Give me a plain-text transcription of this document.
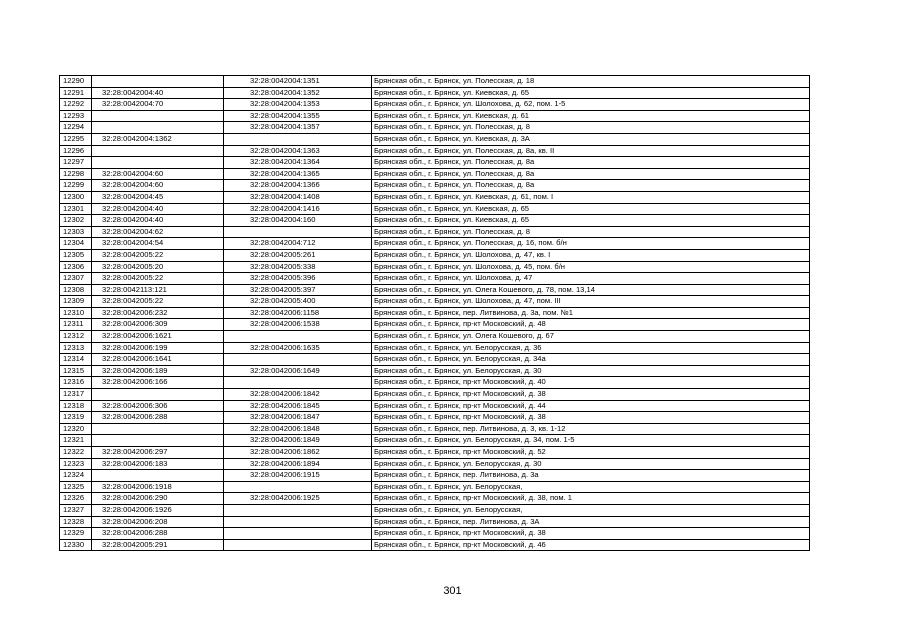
12290		32:28:0042004:1351	Брянская обл., г. Брянск, ул. Полесская, д. 18
12291	32:28:0042004:40	32:28:0042004:1352	Брянская обл., г. Брянск, ул. Киевская, д. 65
12292	32:28:0042004:70	32:28:0042004:1353	Брянская обл., г. Брянск, ул. Шолохова, д. 62, пом. 1-5
12293		32:28:0042004:1355	Брянская обл., г. Брянск, ул. Киевская, д. 61
12294		32:28:0042004:1357	Брянская обл., г. Брянск, ул. Полесская, д. 8
12295	32:28:0042004:1362		Брянская обл., г. Брянск, ул. Киевская, д. 3А
12296		32:28:0042004:1363	Брянская обл., г. Брянск, ул. Полесская, д. 8а, кв. II
12297		32:28:0042004:1364	Брянская обл., г. Брянск, ул. Полесская, д. 8а
12298	32:28:0042004:60	32:28:0042004:1365	Брянская обл., г. Брянск, ул. Полесская, д. 8а
12299	32:28:0042004:60	32:28:0042004:1366	Брянская обл., г. Брянск, ул. Полесская, д. 8а
12300	32:28:0042004:45	32:28:0042004:1408	Брянская обл., г. Брянск, ул. Киевская, д. 61, пом. I
12301	32:28:0042004:40	32:28:0042004:1416	Брянская обл., г. Брянск, ул. Киевская, д. 65
12302	32:28:0042004:40	32:28:0042004:160	Брянская обл., г. Брянск, ул. Киевская, д. 65
12303	32:28:0042004:62		Брянская обл., г. Брянск, ул. Полесская, д. 8
12304	32:28:0042004:54	32:28:0042004:712	Брянская обл., г. Брянск, ул. Полесская, д. 16, пом. б/н
12305	32:28:0042005:22	32:28:0042005:261	Брянская обл., г. Брянск, ул. Шолохова, д. 47, кв. I
12306	32:28:0042005:20	32:28:0042005:338	Брянская обл., г. Брянск, ул. Шолохова, д. 45, пом. б/н
12307	32:28:0042005:22	32:28:0042005:396	Брянская обл., г. Брянск, ул. Шолохова, д. 47
12308	32:28:0042113:121	32:28:0042005:397	Брянская обл., г. Брянск, ул. Олега Кошевого, д. 78, пом. 13,14
12309	32:28:0042005:22	32:28:0042005:400	Брянская обл., г. Брянск, ул. Шолохова, д. 47, пом. III
12310	32:28:0042006:232	32:28:0042006:1158	Брянская обл., г. Брянск, пер. Литвинова, д. 3а, пом. №1
12311	32:28:0042006:309	32:28:0042006:1538	Брянская обл., г. Брянск, пр-кт Московский, д. 48
12312	32:28:0042006:1621		Брянская обл., г. Брянск, ул. Олега Кошевого, д. 67
12313	32:28:0042006:199	32:28:0042006:1635	Брянская обл., г. Брянск, ул. Белорусская, д. 36
12314	32:28:0042006:1641		Брянская обл., г. Брянск, ул. Белорусская, д. 34а
12315	32:28:0042006:189	32:28:0042006:1649	Брянская обл., г. Брянск, ул. Белорусская, д. 30
12316	32:28:0042006:166		Брянская обл., г. Брянск, пр-кт Московский, д. 40
12317		32:28:0042006:1842	Брянская обл., г. Брянск, пр-кт Московский, д. 38
12318	32:28:0042006:306	32:28:0042006:1845	Брянская обл., г. Брянск, пр-кт Московский, д. 44
12319	32:28:0042006:288	32:28:0042006:1847	Брянская обл., г. Брянск, пр-кт Московский, д. 38
12320		32:28:0042006:1848	Брянская обл., г. Брянск, пер. Литвинова, д. 3, кв. 1-12
12321		32:28:0042006:1849	Брянская обл., г. Брянск, ул. Белорусская, д. 34, пом. 1-5
12322	32:28:0042006:297	32:28:0042006:1862	Брянская обл., г. Брянск, пр-кт Московский, д. 52
12323	32:28:0042006:183	32:28:0042006:1894	Брянская обл., г. Брянск, ул. Белорусская, д. 30
12324		32:28:0042006:1915	Брянская обл., г. Брянск, пер. Литвинова, д. 3а
12325	32:28:0042006:1918		Брянская обл., г. Брянск, ул. Белорусская,
12326	32:28:0042006:290	32:28:0042006:1925	Брянская обл., г. Брянск, пр-кт Московский, д. 38, пом. 1
12327	32:28:0042006:1926		Брянская обл., г. Брянск, ул. Белорусская,
12328	32:28:0042006:208		Брянская обл., г. Брянск, пер. Литвинова, д. 3А
12329	32:28:0042006:288		Брянская обл., г. Брянск, пр-кт Московский, д. 38
12330	32:28:0042005:291		Брянская обл., г. Брянск, пр-кт Московский, д. 46
301
